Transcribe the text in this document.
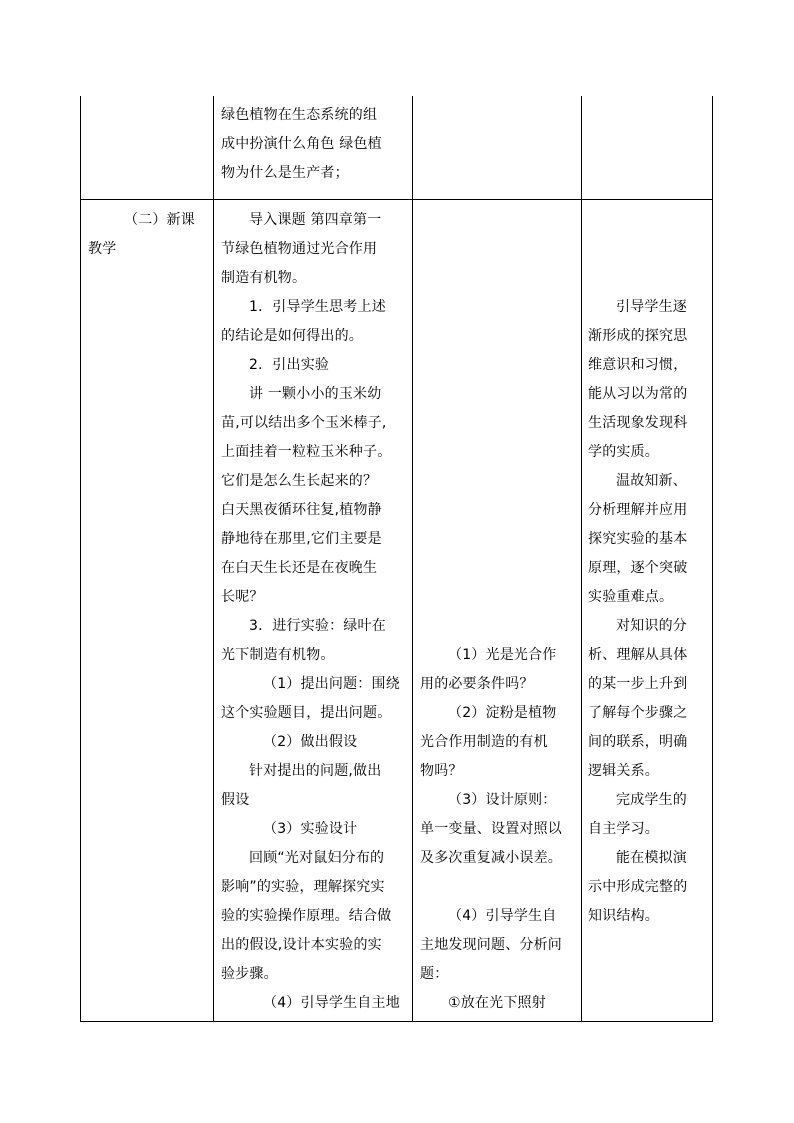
绿色植物在生态系统的组

成中扮演什么角色 绿色植

物为什么是生产者；

（二）新课

教学

导入课题 第四章第一

节绿色植物通过光合作用

制造有机物。

1．引导学生思考上述

的结论是如何得出的。

2．引出实验

讲 一颗小小的玉米幼

苗,可以结出多个玉米棒子,

上面挂着一粒粒玉米种子。

它们是怎么生长起来的？

白天黑夜循环往复,植物静

静地待在那里,它们主要是

在白天生长还是在夜晚生

长呢？

3．进行实验：绿叶在

光下制造有机物。

（1）提出问题：围绕

这个实验题目，提出问题。

（2）做出假设

针对提出的问题,做出

假设

（3）实验设计

回顾“光对鼠妇分布的

影响”的实验，理解探究实

验的实验操作原理。结合做

出的假设,设计本实验的实

验步骤。

（4）引导学生自主地

（1）光是光合作

用的必要条件吗？

（2）淀粉是植物

光合作用制造的有机

物吗？

（3）设计原则：

单一变量、设置对照以

及多次重复减小误差。

（4）引导学生自

主地发现问题、分析问

题：

①放在光下照射

引导学生逐

渐形成的探究思

维意识和习惯，

能从习以为常的

生活现象发现科

学的实质。

温故知新、

分析理解并应用

探究实验的基本

原理，逐个突破

实验重难点。

对知识的分

析、理解从具体

的某一步上升到

了解每个步骤之

间的联系，明确

逻辑关系。

完成学生的

自主学习。

能在模拟演

示中形成完整的

知识结构。
